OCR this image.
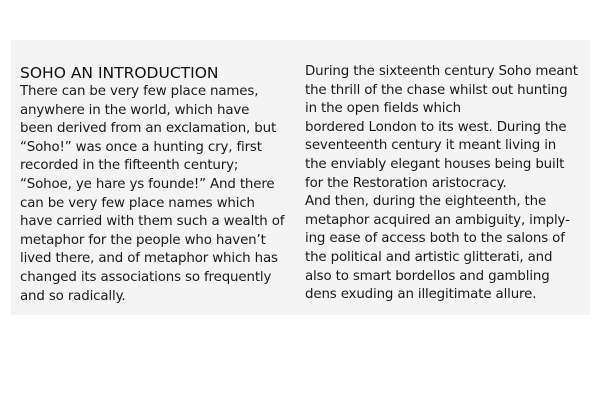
SOHO AN INTRODUCTION
There can be very few place names,
anywhere in the world, which have
been derived from an exclamation, but
“Soho!” was once a hunting cry, first
recorded in the fifteenth century;
“Sohoe, ye hare ys founde!” And there
can be very few place names which
have carried with them such a wealth of
metaphor for the people who haven’t
lived there, and of metaphor which has
changed its associations so frequently
and so radically.
During the sixteenth century Soho meant
the thrill of the chase whilst out hunting
in the open fields which
bordered London to its west. During the
seventeenth century it meant living in
the enviably elegant houses being built
for the Restoration aristocracy.
And then, during the eighteenth, the
metaphor acquired an ambiguity, imply-
ing ease of access both to the salons of
the political and artistic glitterati, and
also to smart bordellos and gambling
dens exuding an illegitimate allure.
